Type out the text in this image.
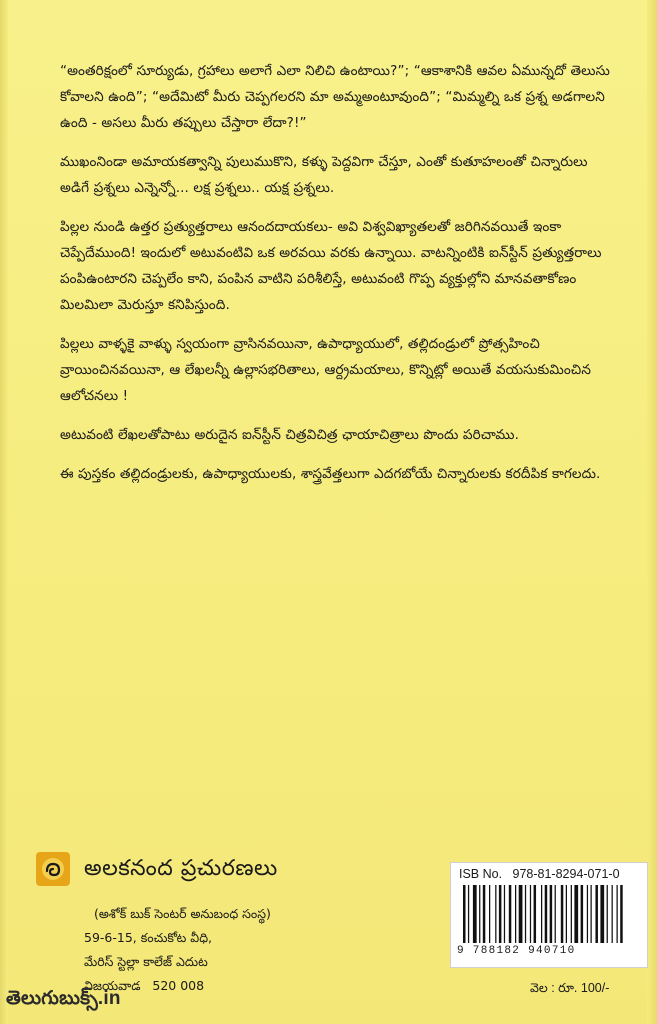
“అంతరిక్షంలో సూర్యుడు, గ్రహాలు అలాగే ఎలా నిలిచి ఉంటాయి?”; “ఆకాశానికి ఆవల ఏమున్నదో తెలుసు కోవాలని ఉంది”; “అదేమిటో మీరు చెప్పగలరని మా అమ్మఅంటూవుంది”; “మిమ్మల్ని ఒక ప్రశ్న అడగాలని ఉంది - అసలు మీరు తప్పులు చేస్తారా లేదా?!”

ముఖంనిండా అమాయకత్వాన్ని పులుముకొని, కళ్ళు పెద్దవిగా చేస్తూ, ఎంతో కుతూహలంతో చిన్నారులు అడిగే ప్రశ్నలు ఎన్నెన్నో... లక్ష ప్రశ్నలు.. యక్ష ప్రశ్నలు.

పిల్లల నుండి ఉత్తర ప్రత్యుత్తరాలు ఆనందదాయకలు- అవి విశ్వవిఖ్యాతలతో జరిగినవయితే ఇంకా చెప్పేదేముంది! ఇందులో అటువంటివి ఒక అరవయి వరకు ఉన్నాయి. వాటన్నింటికి ఐన్‌స్టీన్ ప్రత్యుత్తరాలు పంపిఉంటారని చెప్పలేం కాని, పంపిన వాటిని పరిశీలిస్తే, అటువంటి గొప్ప వ్యక్తుల్లోని మానవతాకోణం మిలమిలా మెరుస్తూ కనిపిస్తుంది.

పిల్లలు వాళ్ళకై వాళ్ళు స్వయంగా వ్రాసినవయినా, ఉపాధ్యాయులో, తల్లిదండ్రులో ప్రోత్సహించి వ్రాయించినవయినా, ఆ లేఖలన్నీ ఉల్లాసభరితాలు, ఆర్ద్రమయాలు, కొన్నిట్లో అయితే వయసుకుమించిన ఆలోచనలు !

అటువంటి లేఖలతోపాటు అరుదైన ఐన్‌స్టీన్ చిత్రవిచిత్ర ఛాయాచిత్రాలు పొందు పరిచాము.

ఈ పుస్తకం తల్లిదండ్రులకు, ఉపాధ్యాయులకు, శాస్త్రవేత్తలుగా ఎదగబోయే చిన్నారులకు కరదీపిక కాగలదు.

అలకనంద ప్రచురణలు
(అశోక్ బుక్ సెంటర్ అనుబంధ సంస్థ)
59-6-15, కంచుకోట వీధి,
మేరిస్ స్టెల్లా కాలేజ్ ఎదుట
విజయవాడ 520 008
ISB No. 978-81-8294-071-0
9 788182 940710
వెల : రూ. 100/-
తెలుగుబుక్స్.in
